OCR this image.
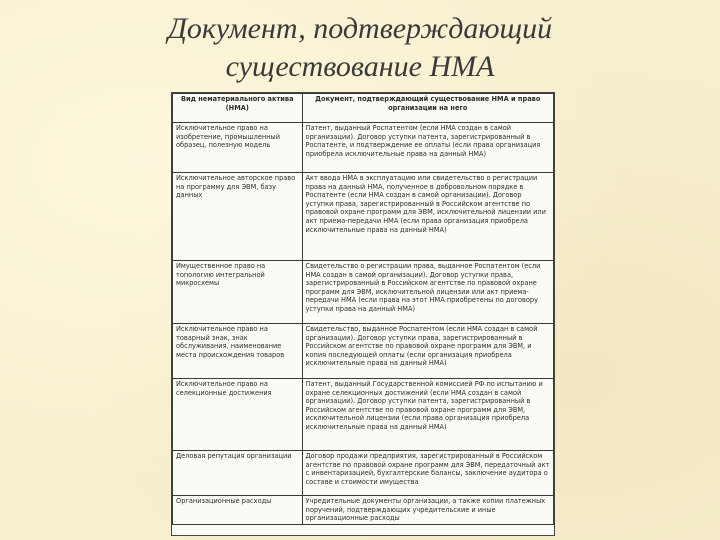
Документ, подтверждающий
существование НМА
Вид нематериального актива (НМА)	Документ, подтверждающий существование НМА и право организации на него
Исключительное право на изобретение, промышленный образец, полезную модель	Патент, выданный Роспатентом (если НМА создан в самой организации). Договор уступки патента, зарегистрированный в Роспатенте, и подтверждение ее оплаты (если права организация приобрела исключительные права на данный НМА)
Исключительное авторское право на программу для ЭВМ, базу данных	Акт ввода НМА в эксплуатацию или свидетельство о регистрации права на данный НМА, полученное в добровольном порядке в Роспатенте (если НМА создан в самой организации). Договор уступки права, зарегистрированный в Российском агентстве по правовой охране программ для ЭВМ, исключительной лицензии или акт приема-передачи НМА (если права организация приобрела исключительные права на данный НМА)
Имущественное право на топологию интегральной микросхемы	Свидетельство о регистрации права, выданное Роспатентом (если НМА создан в самой организации). Договор уступки права, зарегистрированный в Российском агентстве по правовой охране программ для ЭВМ, исключительной лицензии или акт приема-передачи НМА (если права на этот НМА приобретены по договору уступки права на данный НМА)
Исключительное право на товарный знак, знак обслуживания, наименование места происхождения товаров	Свидетельство, выданное Роспатентом (если НМА создан в самой организации). Договор уступки права, зарегистрированный в Российском агентстве по правовой охране программ для ЭВМ, и копия последующей оплаты (если организация приобрела исключительные права на данный НМА)
Исключительное право на селекционные достижения	Патент, выданный Государственной комиссией РФ по испытанию и охране селекционных достижений (если НМА создан в самой организации). Договор уступки патента, зарегистрированный в Российском агентстве по правовой охране программ для ЭВМ, исключительной лицензии (если права организация приобрела исключительные права на данный НМА)
Деловая репутация организации	Договор продажи предприятия, зарегистрированный в Российском агентстве по правовой охране программ для ЭВМ, передаточный акт с инвентаризацией, бухгалтерские балансы, заключение аудитора о составе и стоимости имущества
Организационные расходы	Учредительные документы организации, а также копии платежных поручений, подтверждающих учредительские и иные организационные расходы
